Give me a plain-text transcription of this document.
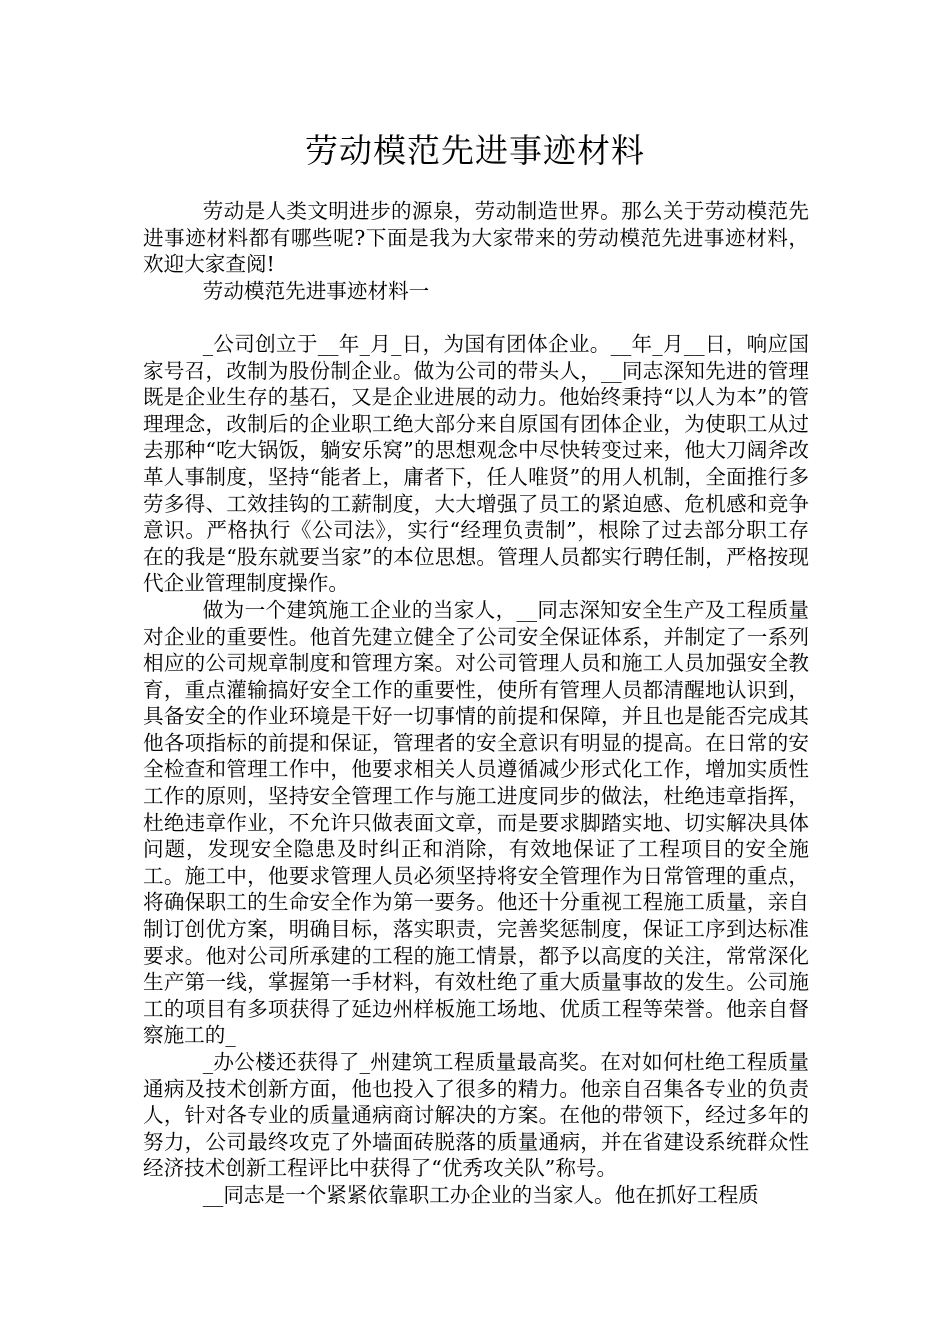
劳动模范先进事迹材料

劳动是人类文明进步的源泉，劳动制造世界。那么关于劳动模范先进事迹材料都有哪些呢?下面是我为大家带来的劳动模范先进事迹材料，欢迎大家查阅!

劳动模范先进事迹材料一

_公司创立于__年_月_日，为国有团体企业。__年_月__日，响应国家号召，改制为股份制企业。做为公司的带头人，__同志深知先进的管理既是企业生存的基石，又是企业进展的动力。他始终秉持“以人为本”的管理理念，改制后的企业职工绝大部分来自原国有团体企业，为使职工从过去那种“吃大锅饭，躺安乐窝”的思想观念中尽快转变过来，他大刀阔斧改革人事制度，坚持“能者上，庸者下，任人唯贤”的用人机制，全面推行多劳多得、工效挂钩的工薪制度，大大增强了员工的紧迫感、危机感和竞争意识。严格执行《公司法》，实行“经理负责制”，根除了过去部分职工存在的我是“股东就要当家”的本位思想。管理人员都实行聘任制，严格按现代企业管理制度操作。

做为一个建筑施工企业的当家人，__同志深知安全生产及工程质量对企业的重要性。他首先建立健全了公司安全保证体系，并制定了一系列相应的公司规章制度和管理方案。对公司管理人员和施工人员加强安全教育，重点灌输搞好安全工作的重要性，使所有管理人员都清醒地认识到，具备安全的作业环境是干好一切事情的前提和保障，并且也是能否完成其他各项指标的前提和保证，管理者的安全意识有明显的提高。在日常的安全检查和管理工作中，他要求相关人员遵循减少形式化工作，增加实质性工作的原则，坚持安全管理工作与施工进度同步的做法，杜绝违章指挥，杜绝违章作业，不允许只做表面文章，而是要求脚踏实地、切实解决具体问题，发现安全隐患及时纠正和消除，有效地保证了工程项目的安全施工。施工中，他要求管理人员必须坚持将安全管理作为日常管理的重点，将确保职工的生命安全作为第一要务。他还十分重视工程施工质量，亲自制订创优方案，明确目标，落实职责，完善奖惩制度，保证工序到达标准要求。他对公司所承建的工程的施工情景，都予以高度的关注，常常深化生产第一线，掌握第一手材料，有效杜绝了重大质量事故的发生。公司施工的项目有多项获得了延边州样板施工场地、优质工程等荣誉。他亲自督察施工的_

_办公楼还获得了_州建筑工程质量最高奖。在对如何杜绝工程质量通病及技术创新方面，他也投入了很多的精力。他亲自召集各专业的负责人，针对各专业的质量通病商讨解决的方案。在他的带领下，经过多年的努力，公司最终攻克了外墙面砖脱落的质量通病，并在省建设系统群众性经济技术创新工程评比中获得了“优秀攻关队”称号。

__同志是一个紧紧依靠职工办企业的当家人。他在抓好工程质
